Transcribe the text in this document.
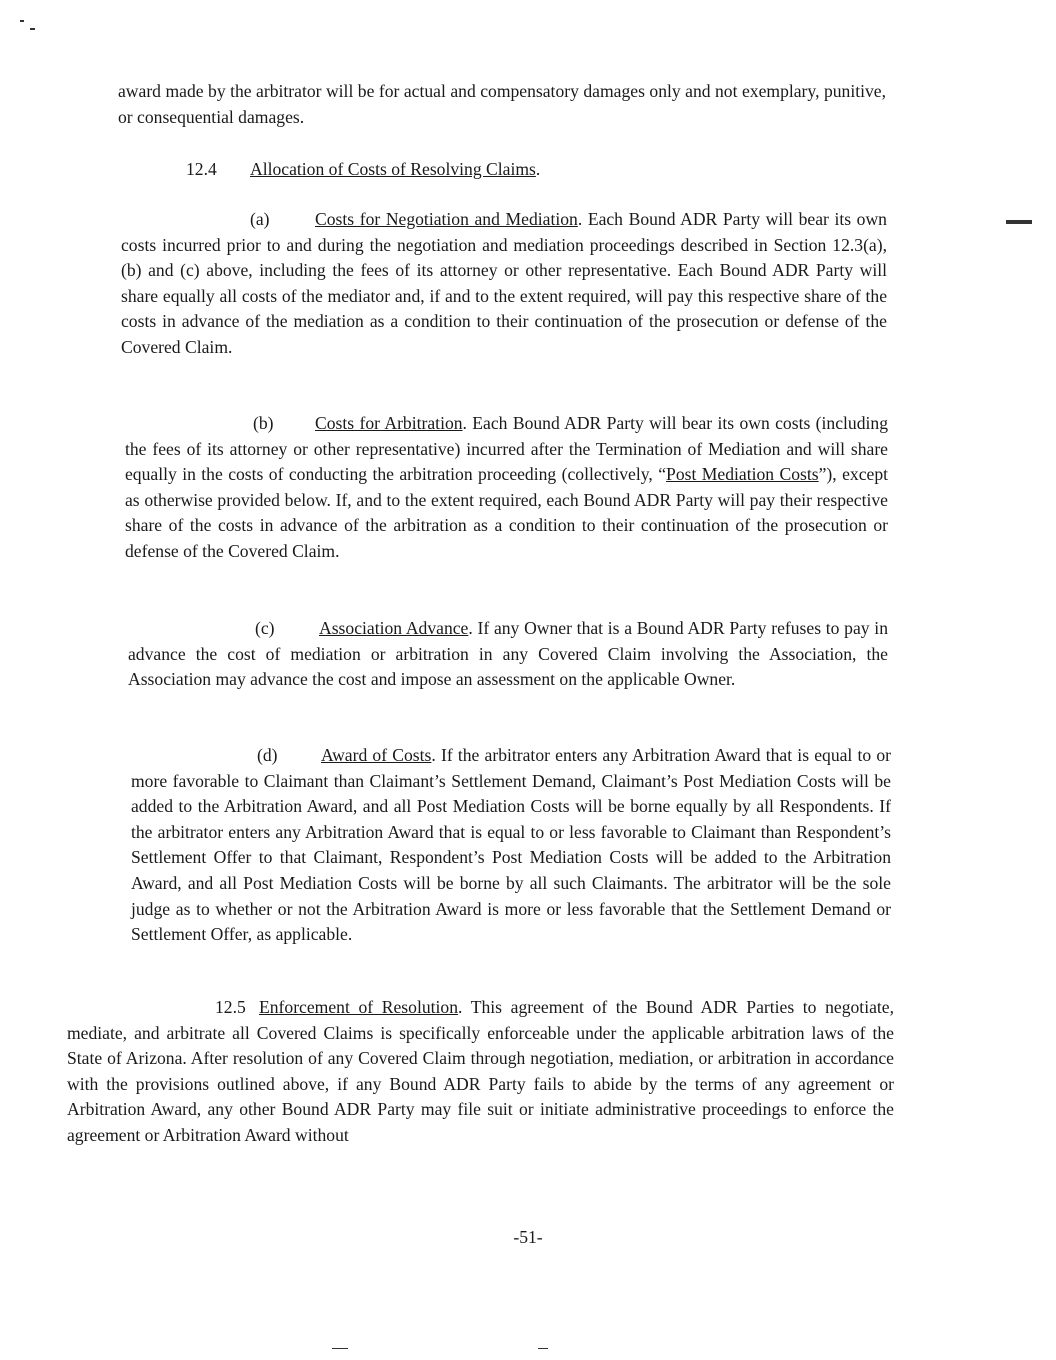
award made by the arbitrator will be for actual and compensatory damages only and not exemplary, punitive, or consequential damages.

12.4 Allocation of Costs of Resolving Claims.

(a)	Costs for Negotiation and Mediation. Each Bound ADR Party will bear its own costs incurred prior to and during the negotiation and mediation proceedings described in Section 12.3(a), (b) and (c) above, including the fees of its attorney or other representative. Each Bound ADR Party will share equally all costs of the mediator and, if and to the extent required, will pay this respective share of the costs in advance of the mediation as a condition to their continuation of the prosecution or defense of the Covered Claim.

(b) Costs for Arbitration. Each Bound ADR Party will bear its own costs (including the fees of its attorney or other representative) incurred after the Termination of Mediation and will share equally in the costs of conducting the arbitration proceeding (collectively, “Post Mediation Costs”), except as otherwise provided below. If, and to the extent required, each Bound ADR Party will pay their respective share of the costs in advance of the arbitration as a condition to their continuation of the prosecution or defense of the Covered Claim.

(c)	Association Advance. If any Owner that is a Bound ADR Party refuses to pay in advance the cost of mediation or arbitration in any Covered Claim involving the Association, the Association may advance the cost and impose an assessment on the applicable Owner.

(d) Award of Costs. If the arbitrator enters any Arbitration Award that is equal to or more favorable to Claimant than Claimant’s Settlement Demand, Claimant’s Post Mediation Costs will be added to the Arbitration Award, and all Post Mediation Costs will be borne equally by all Respondents. If the arbitrator enters any Arbitration Award that is equal to or less favorable to Claimant than Respondent’s Settlement Offer to that Claimant, Respondent’s Post Mediation Costs will be added to the Arbitration Award, and all Post Mediation Costs will be borne by all such Claimants. The arbitrator will be the sole judge as to whether or not the Arbitration Award is more or less favorable that the Settlement Demand or Settlement Offer, as applicable.

12.5 Enforcement of Resolution. This agreement of the Bound ADR Parties to negotiate, mediate, and arbitrate all Covered Claims is specifically enforceable under the applicable arbitration laws of the State of Arizona. After resolution of any Covered Claim through negotiation, mediation, or arbitration in accordance with the provisions outlined above, if any Bound ADR Party fails to abide by the terms of any agreement or Arbitration Award, any other Bound ADR Party may file suit or initiate administrative proceedings to enforce the agreement or Arbitration Award without

-51-
